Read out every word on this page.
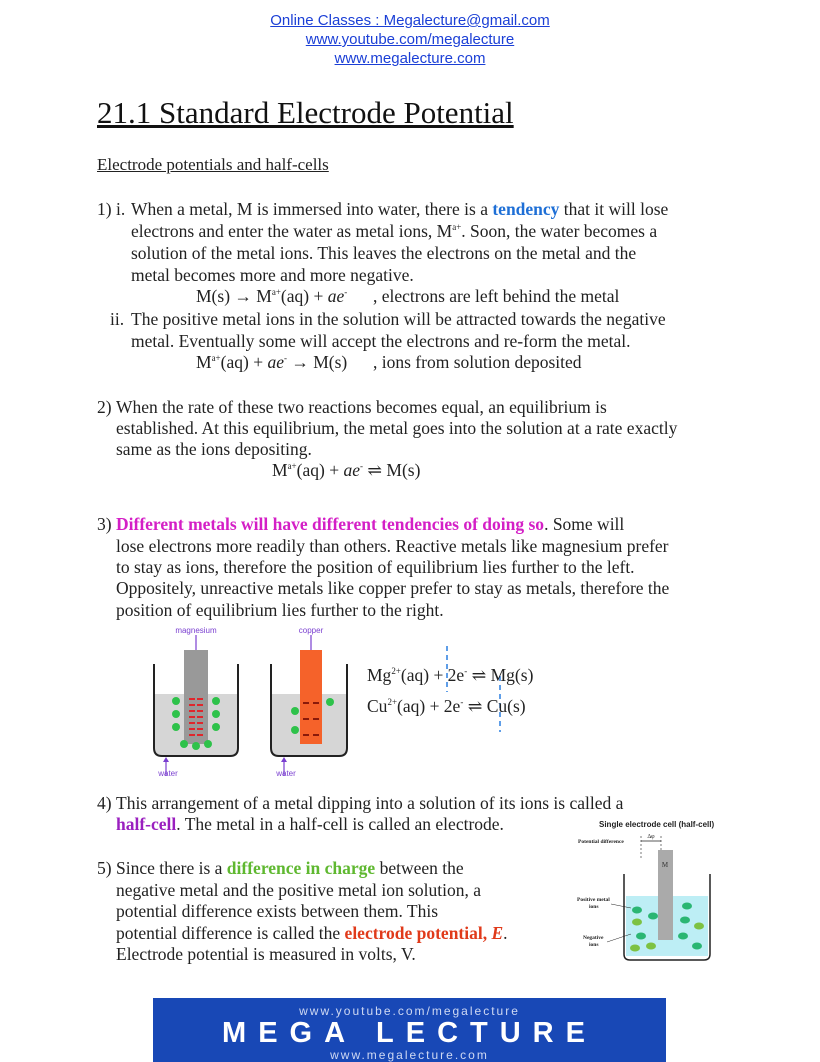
Online Classes : Megalecture@gmail.com
www.youtube.com/megalecture
www.megalecture.com
21.1 Standard Electrode Potential
Electrode potentials and half-cells
1) i. When a metal, M is immersed into water, there is a tendency that it will lose
electrons and enter the water as metal ions, $M^{a+}$. Soon, the water becomes a
solution of the metal ions. This leaves the electrons on the metal and the
metal becomes more and more negative.
$M(s) \to M^{a+}(aq) + ae^-$ , electrons are left behind the metal
ii. The positive metal ions in the solution will be attracted towards the negative
metal. Eventually some will accept the electrons and re-form the metal.
$M^{a+}(aq) + ae^- \to M(s)$ , ions from solution deposited
2) When the rate of these two reactions becomes equal, an equilibrium is
established. At this equilibrium, the metal goes into the solution at a rate exactly
same as the ions depositing.
$M^{a+}(aq) + ae^-$ ⇌ M(s)
3) Different metals will have different tendencies of doing so. Some will
lose electrons more readily than others. Reactive metals like magnesium prefer
to stay as ions, therefore the position of equilibrium lies further to the left.
Oppositely, unreactive metals like copper prefer to stay as metals, therefore the
position of equilibrium lies further to the right.
magnesium
water
copper
water
$Mg^{2+}(aq) + 2e^-$ ⇌ Mg(s)
$Cu^{2+}(aq) + 2e^-$ ⇌ Cu(s)
4) This arrangement of a metal dipping into a solution of its ions is called a
half-cell. The metal in a half-cell is called an electrode.
5) Since there is a difference in charge between the
negative metal and the positive metal ion solution, a
potential difference exists between them. This
potential difference is called the electrode potential, E.
Electrode potential is measured in volts, V.
Single electrode cell (half-cell)
Potential difference
Δφ
M
Positive metal
ions
Negative
ions
www.youtube.com/megalecture
MEGA LECTURE
www.megalecture.com
